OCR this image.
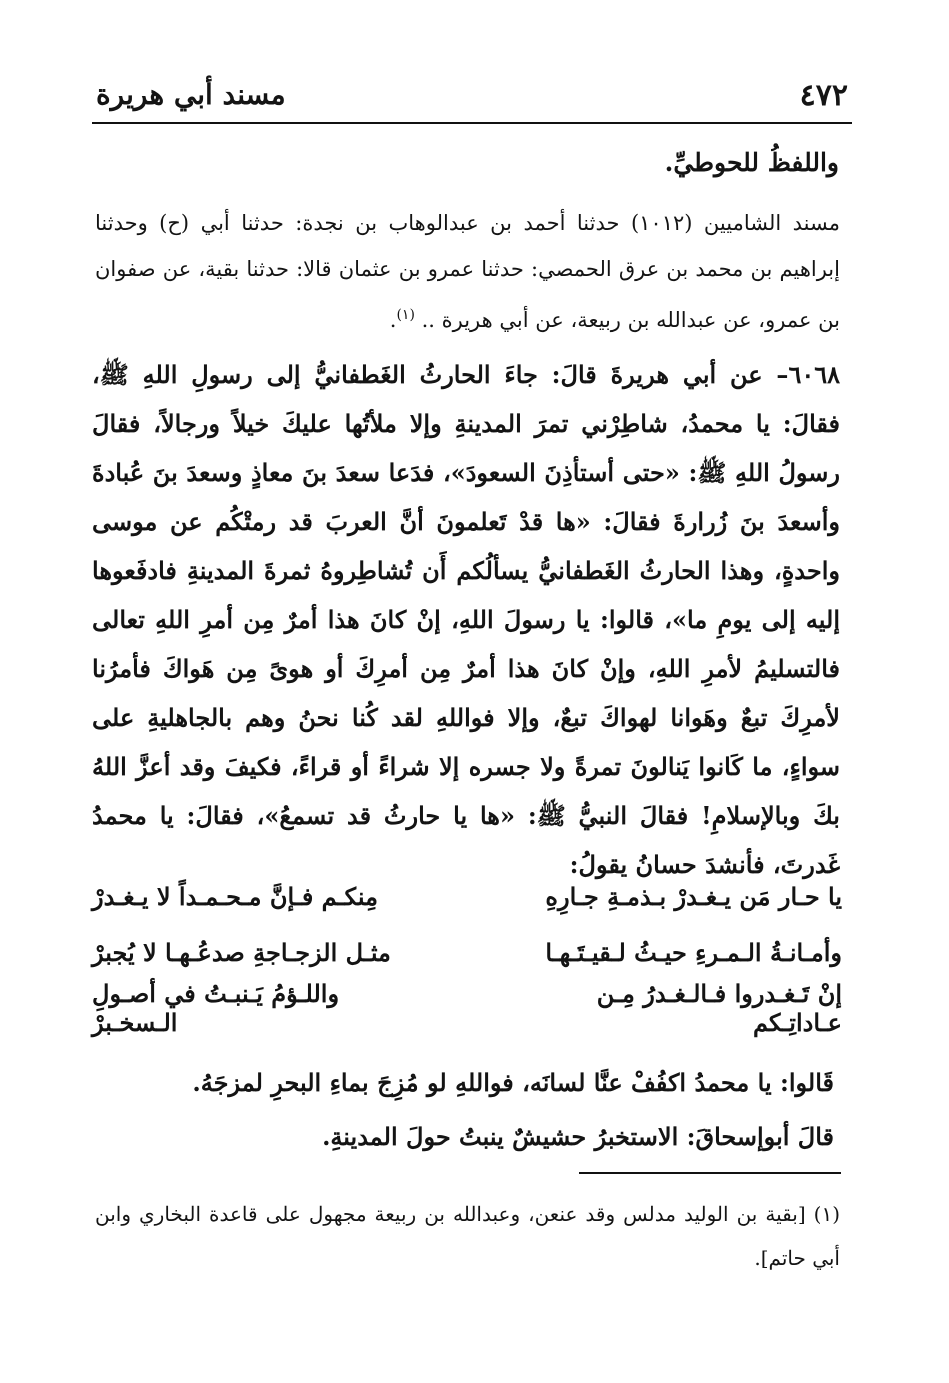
٤٧٢
مسند أبي هريرة
واللفظُ للحوطيِّ.
مسند الشاميين (١٠١٢) حدثنا أحمد بن عبدالوهاب بن نجدة: حدثنا أبي (ح) وحدثنا إبراهيم بن محمد بن عرق الحمصي: حدثنا عمرو بن عثمان قالا: حدثنا بقية، عن صفوان بن عمرو، عن عبدالله بن ربيعة، عن أبي هريرة .. $^{(١)}$.
٦٠٦٨– عن أبي هريرةَ قالَ: جاءَ الحارثُ الغَطفانيُّ إلى رسولِ اللهِ ﷺ، فقالَ: يا محمدُ، شاطِرْني تمرَ المدينةِ وإلا ملأتُها عليكَ خيلاً ورجالاً، فقالَ رسولُ اللهِ ﷺ: «حتى أستأذِنَ السعودَ»، فدَعا سعدَ بنَ معاذٍ وسعدَ بنَ عُبادةَ وأسعدَ بنَ زُرارةَ فقالَ: «ها قدْ تَعلمونَ أنَّ العربَ قد رمتْكُم عن موسى واحدةٍ، وهذا الحارثُ الغَطفانيُّ يسألُكم أَن تُشاطِروهُ ثمرةَ المدينةِ فادفَعوها إليه إلى يومِ ما»، قالوا: يا رسولَ اللهِ، إنْ كانَ هذا أمرٌ مِن أمرِ اللهِ تعالى فالتسليمُ لأمرِ اللهِ، وإنْ كانَ هذا أمرٌ مِن أمرِكَ أو هوىً مِن هَواكَ فأمرُنا لأمرِكَ تبعٌ وهَوانا لهواكَ تبعٌ، وإلا فواللهِ لقد كُنا نحنُ وهم بالجاهليةِ على سواءٍ، ما كَانوا يَنالونَ تمرةً ولا جسره إلا شراءً أو قراءً، فكيفَ وقد أعزَّ اللهُ بكَ وبالإسلامِ! فقالَ النبيُّ ﷺ: «ها يا حارثُ قد تسمعُ»، فقالَ: يا محمدُ غَدرتَ، فأنشدَ حسانُ يقولُ:
يا حـار مَن يـغـدرْ بـذمـةِ جـارِهِ
مِنكـم فـإنَّ مـحـمـداً لا يـغـدرْ
وأمـانـةُ الـمـرءِ حيـثُ لـقيـتَـهـا
مثـل الزجـاجةِ صدعُـهـا لا يُجبرْ
إنْ تَـغـدروا فـالـغـدرُ مِـن عـاداتِـكم
واللـؤمُ يَـنبـتُ في أصـولِ الـسخـبرْ
قَالوا: يا محمدُ اكفُفْ عنَّا لسانَه، فواللهِ لو مُزِجَ بماءِ البحرِ لمزجَهُ.
قالَ أبوإسحاقَ: الاستخبرُ حشيشٌ ينبتُ حولَ المدينةِ.
(١) [بقية بن الوليد مدلس وقد عنعن، وعبدالله بن ربيعة مجهول على قاعدة البخاري وابن أبي حاتم].
